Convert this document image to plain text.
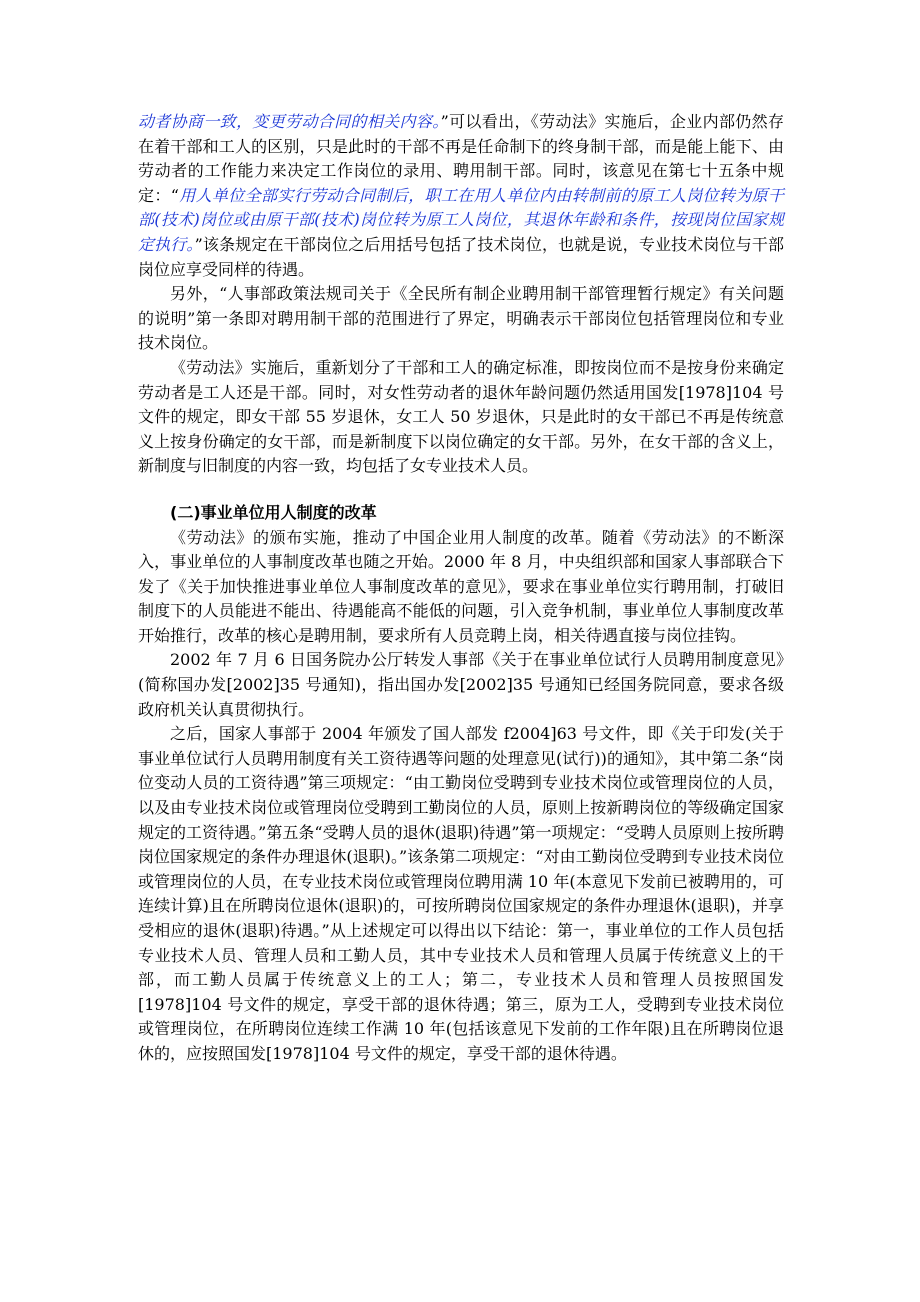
动者协商一致，变更劳动合同的相关内容。”可以看出，《劳动法》实施后，企业内部仍然存在着干部和工人的区别，只是此时的干部不再是任命制下的终身制干部，而是能上能下、由劳动者的工作能力来决定工作岗位的录用、聘用制干部。同时，该意见在第七十五条中规定：“用人单位全部实行劳动合同制后，职工在用人单位内由转制前的原工人岗位转为原干部(技术)岗位或由原干部(技术)岗位转为原工人岗位，其退休年龄和条件，按现岗位国家规定执行。”该条规定在干部岗位之后用括号包括了技术岗位，也就是说，专业技术岗位与干部岗位应享受同样的待遇。

另外，“人事部政策法规司关于《全民所有制企业聘用制干部管理暂行规定》有关问题的说明”第一条即对聘用制干部的范围进行了界定，明确表示干部岗位包括管理岗位和专业技术岗位。

《劳动法》实施后，重新划分了干部和工人的确定标准，即按岗位而不是按身份来确定劳动者是工人还是干部。同时，对女性劳动者的退休年龄问题仍然适用国发[1978]104 号文件的规定，即女干部 55 岁退休，女工人 50 岁退休，只是此时的女干部已不再是传统意义上按身份确定的女干部，而是新制度下以岗位确定的女干部。另外，在女干部的含义上，新制度与旧制度的内容一致，均包括了女专业技术人员。

(二)事业单位用人制度的改革

《劳动法》的颁布实施，推动了中国企业用人制度的改革。随着《劳动法》的不断深入，事业单位的人事制度改革也随之开始。2000 年 8 月，中央组织部和国家人事部联合下发了《关于加快推进事业单位人事制度改革的意见》，要求在事业单位实行聘用制，打破旧制度下的人员能进不能出、待遇能高不能低的问题，引入竞争机制，事业单位人事制度改革开始推行，改革的核心是聘用制，要求所有人员竞聘上岗，相关待遇直接与岗位挂钩。

2002 年 7 月 6 日国务院办公厅转发人事部《关于在事业单位试行人员聘用制度意见》(简称国办发[2002]35 号通知)，指出国办发[2002]35 号通知已经国务院同意，要求各级政府机关认真贯彻执行。

之后，国家人事部于 2004 年颁发了国人部发 f2004]63 号文件，即《关于印发(关于事业单位试行人员聘用制度有关工资待遇等问题的处理意见(试行))的通知》，其中第二条“岗位变动人员的工资待遇”第三项规定：“由工勤岗位受聘到专业技术岗位或管理岗位的人员，以及由专业技术岗位或管理岗位受聘到工勤岗位的人员，原则上按新聘岗位的等级确定国家规定的工资待遇。”第五条“受聘人员的退休(退职)待遇”第一项规定：“受聘人员原则上按所聘岗位国家规定的条件办理退休(退职)。”该条第二项规定：“对由工勤岗位受聘到专业技术岗位或管理岗位的人员，在专业技术岗位或管理岗位聘用满 10 年(本意见下发前已被聘用的，可连续计算)且在所聘岗位退休(退职)的，可按所聘岗位国家规定的条件办理退休(退职)，并享受相应的退休(退职)待遇。”从上述规定可以得出以下结论：第一，事业单位的工作人员包括专业技术人员、管理人员和工勤人员，其中专业技术人员和管理人员属于传统意义上的干部，而工勤人员属于传统意义上的工人；第二，专业技术人员和管理人员按照国发[1978]104 号文件的规定，享受干部的退休待遇；第三，原为工人，受聘到专业技术岗位或管理岗位，在所聘岗位连续工作满 10 年(包括该意见下发前的工作年限)且在所聘岗位退休的，应按照国发[1978]104 号文件的规定，享受干部的退休待遇。
